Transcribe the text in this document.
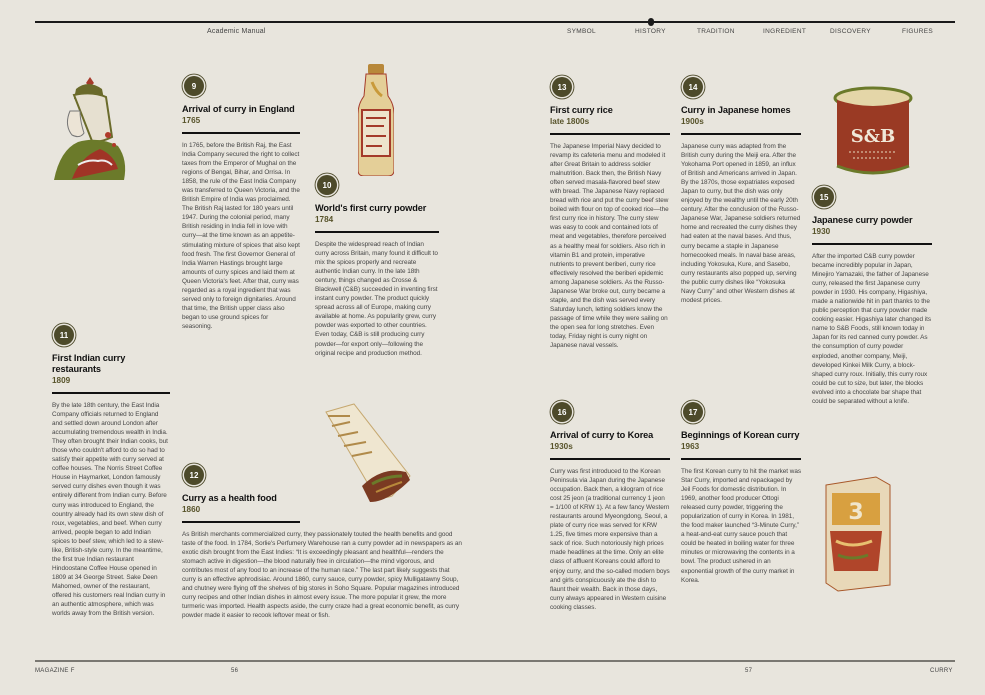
Academic Manual	SYMBOL	HISTORY	TRADITION	INGREDIENT	DISCOVERY	FIGURES
S&B
3
9
Arrival of curry in England
1765
In 1765, before the British Raj, the East India Company secured the right to collect taxes from the Emperor of Mughal on the regions of Bengal, Bihar, and Orrisa. In 1858, the rule of the East India Company was transferred to Queen Victoria, and the British Empire of India was proclaimed. The British Raj lasted for 180 years until 1947. During the colonial period, many British residing in India fell in love with curry—at the time known as an appetite-stimulating mixture of spices that also kept food fresh. The first Governor General of India Warren Hastings brought large amounts of curry spices and laid them at Queen Victoria's feet. After that, curry was regarded as a royal ingredient that was served only to foreign dignitaries. Around that time, the British upper class also began to use ground spices for seasoning.
10
World's first curry powder
1784
Despite the widespread reach of Indian curry across Britain, many found it difficult to mix the spices properly and recreate authentic Indian curry. In the late 18th century, things changed as Crosse & Blackwell (C&B) succeeded in inventing first instant curry powder. The product quickly spread across all of Europe, making curry available at home. As popularity grew, curry powder was exported to other countries. Even today, C&B is still producing curry powder—for export only—following the original recipe and production method.
11
First Indian curry restaurants
1809
By the late 18th century, the East India Company officials returned to England and settled down around London after accumulating tremendous wealth in India. They often brought their Indian cooks, but those who couldn't afford to do so had to satisfy their appetite with curry served at coffee houses. The Norris Street Coffee House in Haymarket, London famously served curry dishes even though it was entirely different from Indian curry. Before curry was introduced to England, the country already had its own stew dish of roux, vegetables, and beef. When curry arrived, people began to add Indian spices to beef stew, which led to a stew-like, British-style curry. In the meantime, the first true Indian restaurant Hindoostane Coffee House opened in 1809 at 34 George Street. Sake Deen Mahomed, owner of the restaurant, offered his customers real Indian curry in an authentic atmosphere, which was worlds away from the British version.
12
Curry as a health food
1860
As British merchants commercialized curry, they passionately touted the health benefits and good taste of the food. In 1784, Sorlie's Perfumery Warehouse ran a curry powder ad in newspapers as an exotic dish brought from the East Indies: “It is exceedingly pleasant and healthful—renders the stomach active in digestion—the blood naturally free in circulation—the mind vigorous, and contributes most of any food to an increase of the human race.” The last part likely suggests that curry is an effective aphrodisiac. Around 1860, curry sauce, curry powder, spicy Mulligatawny Soup, and chutney were flying off the shelves of big stores in Soho Square. Popular magazines introduced curry recipes and other Indian dishes in almost every issue. The more popular it grew, the more turmeric was imported. Health aspects aside, the curry craze had a great economic benefit, as curry powder made it easier to recook leftover meat or fish.
13
First curry rice
late 1800s
The Japanese Imperial Navy decided to revamp its cafeteria menu and modeled it after Great Britain to address soldier malnutrition. Back then, the British Navy often served masala-flavored beef stew with bread. The Japanese Navy replaced bread with rice and put the curry beef stew boiled with flour on top of cooked rice—the first curry rice in history. The curry stew was easy to cook and contained lots of meat and vegetables, therefore perceived as a healthy meal for soldiers. Also rich in vitamin B1 and protein, imperative nutrients to prevent beriberi, curry rice effectively resolved the beriberi epidemic among Japanese soldiers. As the Russo-Japanese War broke out, curry became a staple, and the dish was served every Saturday lunch, letting soldiers know the passage of time while they were sailing on the open sea for long stretches. Even today, Friday night is curry night on Japanese naval vessels.
14
Curry in Japanese homes
1900s
Japanese curry was adapted from the British curry during the Meiji era. After the Yokohama Port opened in 1859, an influx of British and Americans arrived in Japan. By the 1870s, those expatriates exposed Japan to curry, but the dish was only enjoyed by the wealthy until the early 20th century. After the conclusion of the Russo-Japanese War, Japanese soldiers returned home and recreated the curry dishes they had eaten at the naval bases. And thus, curry became a staple in Japanese homecooked meals. In naval base areas, including Yokosuka, Kure, and Sasebo, curry restaurants also popped up, serving the public curry dishes like “Yokosuka Navy Curry” and other Western dishes at modest prices.
15
Japanese curry powder
1930
After the imported C&B curry powder became incredibly popular in Japan, Minejiro Yamazaki, the father of Japanese curry, released the first Japanese curry powder in 1930. His company, Higashiya, made a nationwide hit in part thanks to the public perception that curry powder made cooking easier. Higashiya later changed its name to S&B Foods, still known today in Japan for its red canned curry powder. As the consumption of curry powder exploded, another company, Meiji, developed Kinkei Milk Curry, a block-shaped curry roux. Initially, this curry roux could be cut to size, but later, the blocks evolved into a chocolate bar shape that could be separated without a knife.
16
Arrival of curry to Korea
1930s
Curry was first introduced to the Korean Peninsula via Japan during the Japanese occupation. Back then, a kilogram of rice cost 25 jeon (a traditional currency 1 jeon = 1/100 of KRW 1). At a few fancy Western restaurants around Myeongdong, Seoul, a plate of curry rice was served for KRW 1.25, five times more expensive than a sack of rice. Such notoriously high prices made headlines at the time. Only an elite class of affluent Koreans could afford to enjoy curry, and the so-called modern boys and girls conspicuously ate the dish to flaunt their wealth. Back in those days, curry always appeared in Western cuisine cooking classes.
17
Beginnings of Korean curry
1963
The first Korean curry to hit the market was Star Curry, imported and repackaged by Jeil Foods for domestic distribution. In 1969, another food producer Ottogi released curry powder, triggering the popularization of curry in Korea. In 1981, the food maker launched “3-Minute Curry,” a heat-and-eat curry sauce pouch that could be heated in boiling water for three minutes or microwaving the contents in a bowl. The product ushered in an exponential growth of the curry market in Korea.
MAGAZINE F	56	57	CURRY
